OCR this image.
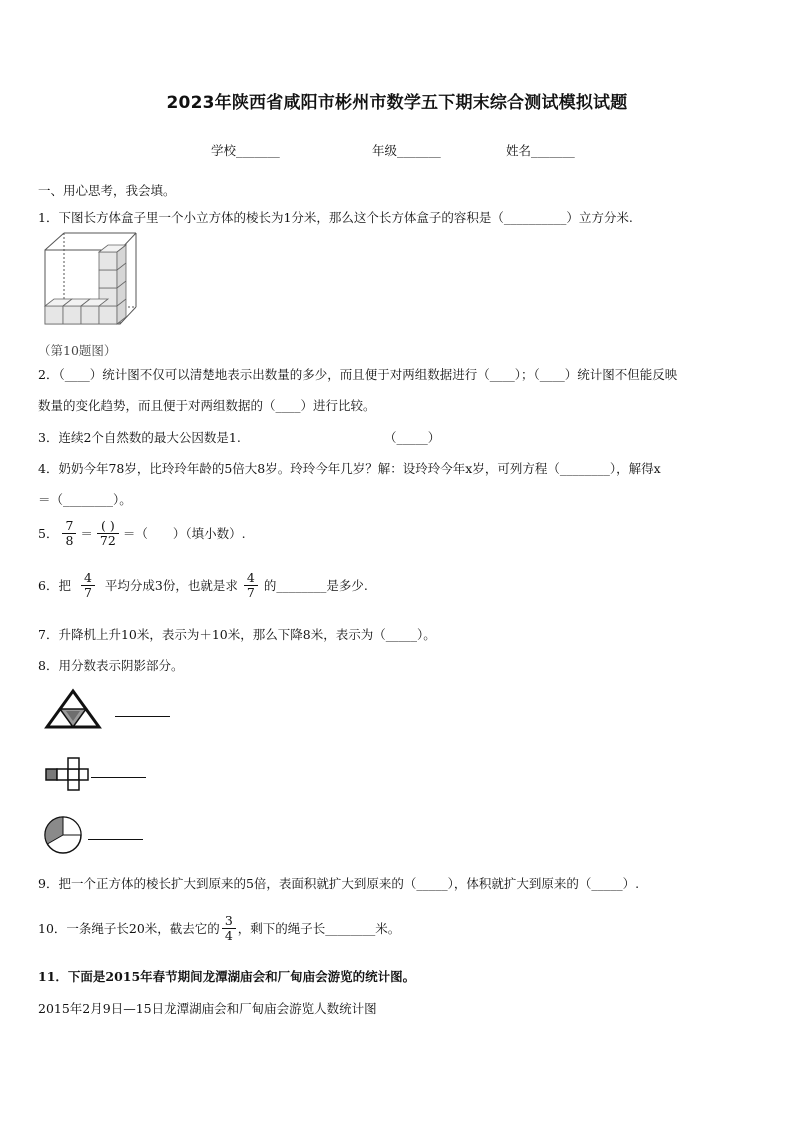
2023年陕西省咸阳市彬州市数学五下期末综合测试模拟试题
学校_______	年级_______	姓名_______
一、用心思考，我会填。
1．下图长方体盒子里一个小立方体的棱长为1分米，那么这个长方体盒子的容积是（__________）立方分米.
（第10题图）
2．（____）统计图不仅可以清楚地表示出数量的多少，而且便于对两组数据进行（____）；（____）统计图不但能反映
数量的变化趋势，而且便于对两组数据的（____）进行比较。
3．连续2个自然数的最大公因数是1.	（_____）
4．奶奶今年78岁，比玲玲年龄的5倍大8岁。玲玲今年几岁？解：设玲玲今年x岁，可列方程（________），解得x
＝（________）。
5． $\frac{7}{8} = \frac{( )}{72}$ ＝（　　）（填小数）.
6．把 $\frac{4}{7}$ 平均分成3份，也就是求 $\frac{4}{7}$ 的________是多少.
7．升降机上升10米，表示为＋10米，那么下降8米，表示为（_____）。
8．用分数表示阴影部分。
9．把一个正方体的棱长扩大到原来的5倍，表面积就扩大到原来的（_____），体积就扩大到原来的（_____）.
10．一条绳子长20米，截去它的 $\frac{3}{4}$ ，剩下的绳子长________米。
11．下面是2015年春节期间龙潭湖庙会和厂甸庙会游览的统计图。
2015年2月9日—15日龙潭湖庙会和厂甸庙会游览人数统计图
